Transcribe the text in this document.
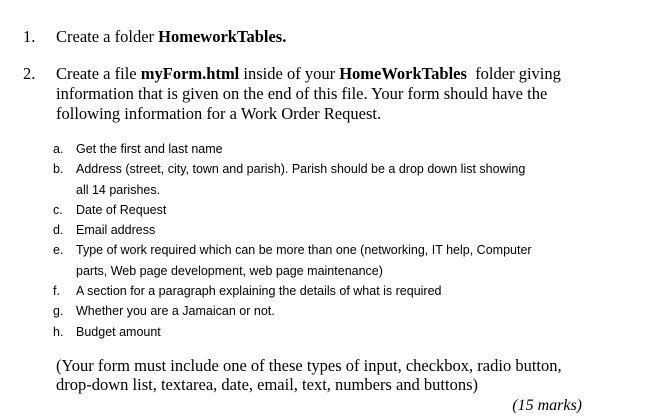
1.	Create a folder HomeworkTables.
2.	Create a file myForm.html inside of your HomeWorkTables  folder giving
information that is given on the end of this file. Your form should have the
following information for a Work Order Request.
a. Get the first and last name
b. Address (street, city, town and parish). Parish should be a drop down list showing
all 14 parishes.
c. Date of Request
d. Email address
e. Type of work required which can be more than one (networking, IT help, Computer
parts, Web page development, web page maintenance)
f. A section for a paragraph explaining the details of what is required
g. Whether you are a Jamaican or not.
h. Budget amount
(Your form must include one of these types of input, checkbox, radio button,
drop-down list, textarea, date, email, text, numbers and buttons)
(15 marks)
